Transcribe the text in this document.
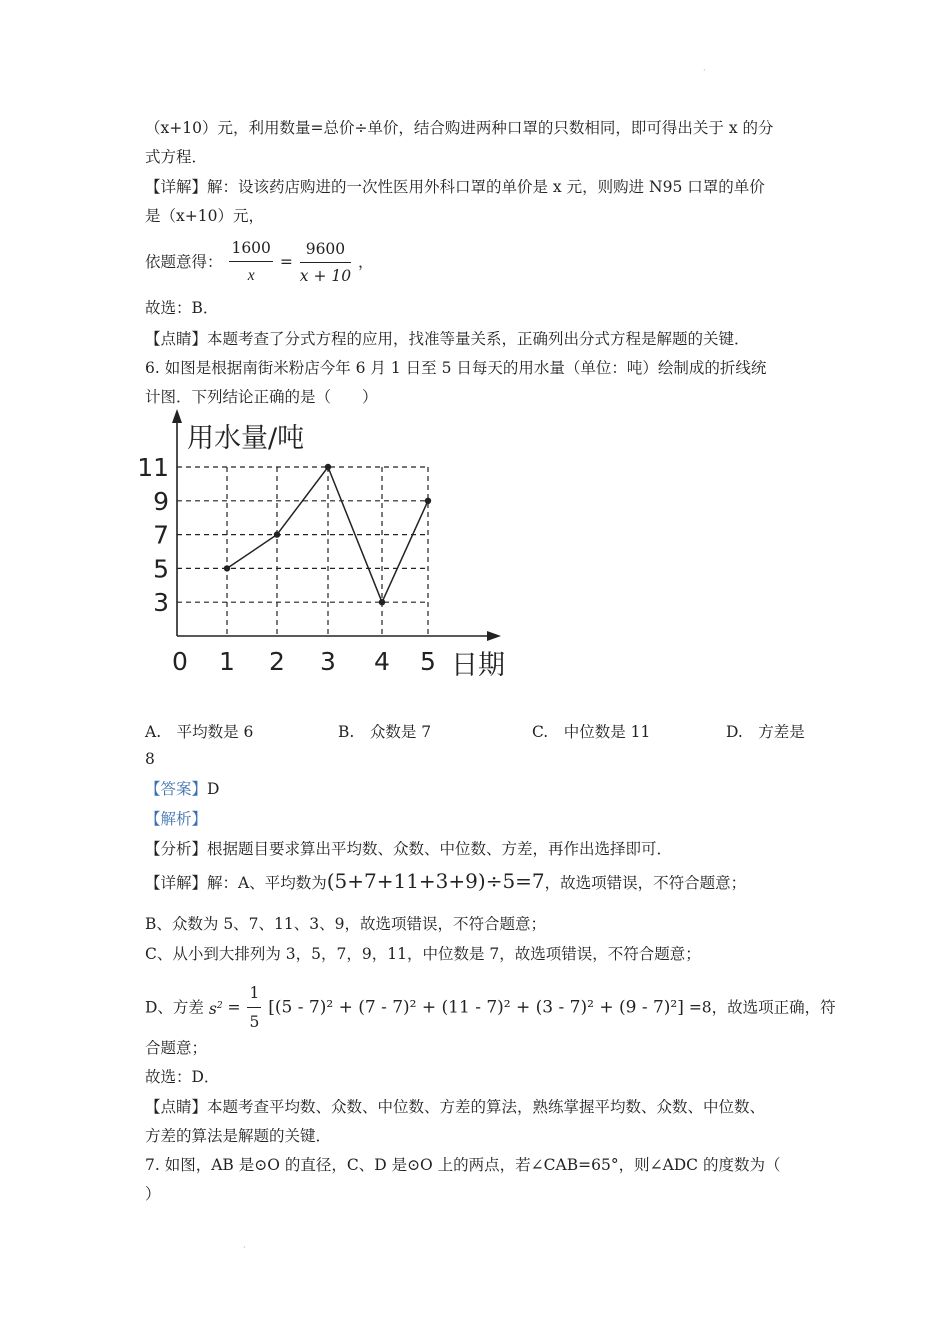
·
（x+10）元，利用数量=总价÷单价，结合购进两种口罩的只数相同，即可得出关于 x 的分
式方程．
【详解】解：设该药店购进的一次性医用外科口罩的单价是 x 元，则购进 N95 口罩的单价
是（x+10）元，
依题意得： $\frac{1600}{x} = \frac{9600}{x + 10}$ ，
故选：B．
【点睛】本题考查了分式方程的应用，找准等量关系，正确列出分式方程是解题的关键．
6. 如图是根据南街米粉店今年 6 月 1 日至 5 日每天的用水量（单位：吨）绘制成的折线统
计图．下列结论正确的是（　　）
11
9
7
5
3
1 2 3 4 5
0
用水量/吨
日期
A.　平均数是 6	B.　众数是 7	C.　中位数是 11	D.　方差是
8
【答案】D
【解析】
【分析】根据题目要求算出平均数、众数、中位数、方差，再作出选择即可．
【详解】解：A、平均数为(5+7+11+3+9)÷5=7，故选项错误，不符合题意；
B、众数为 5、7、11、3、9，故选项错误，不符合题意；
C、从小到大排列为 3，5，7，9，11，中位数是 7，故选项错误，不符合题意；
D、方差 $s^2 = \frac{1}{5} [(5 - 7)^2 + (7 - 7)^2 + (11 - 7)^2 + (3 - 7)^2 + (9 - 7)^2] =8$，故选项正确，符
合题意；
故选：D．
【点睛】本题考查平均数、众数、中位数、方差的算法，熟练掌握平均数、众数、中位数、
方差的算法是解题的关键．
7. 如图，AB 是⊙O 的直径，C、D 是⊙O 上的两点，若∠CAB=65°，则∠ADC 的度数为（
）
·
